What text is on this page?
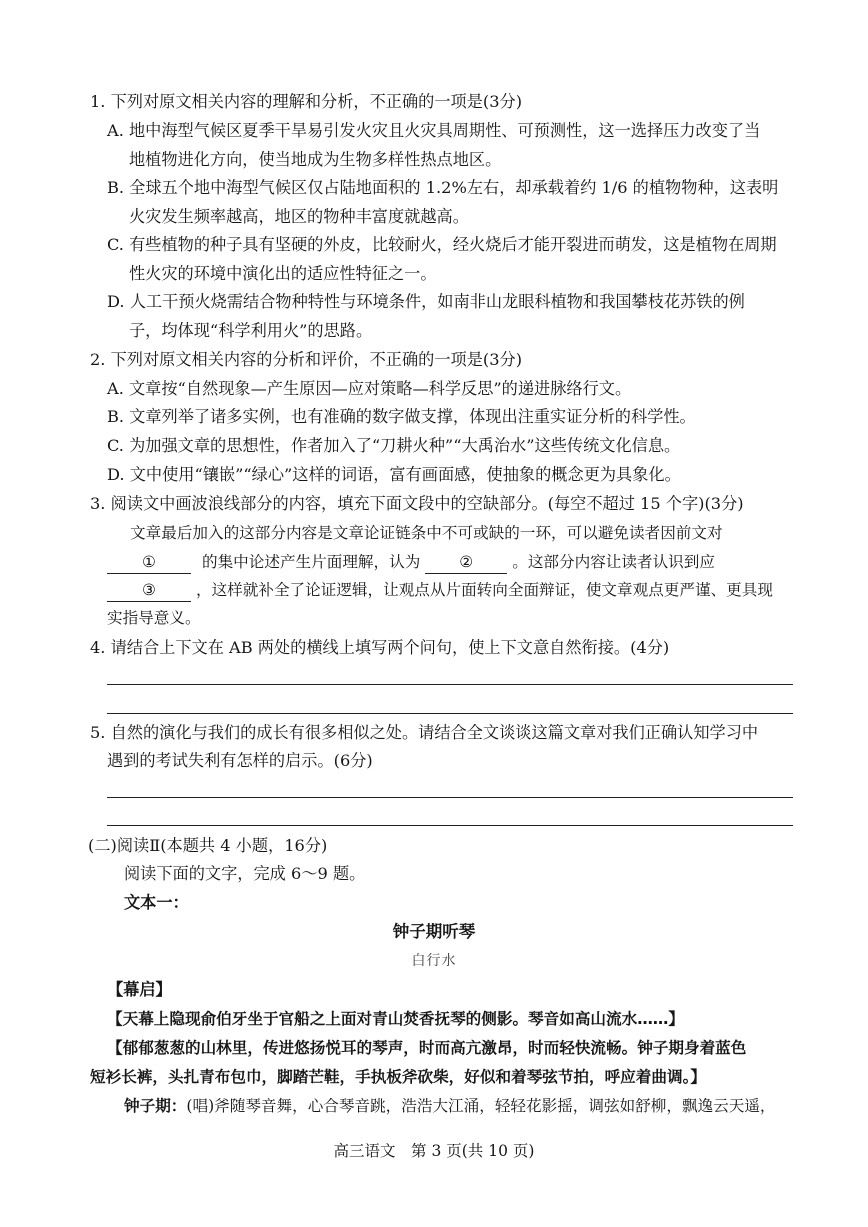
1. 下列对原文相关内容的理解和分析，不正确的一项是(3分)
A. 地中海型气候区夏季干旱易引发火灾且火灾具周期性、可预测性，这一选择压力改变了当
地植物进化方向，使当地成为生物多样性热点地区。
B. 全球五个地中海型气候区仅占陆地面积的 1.2%左右，却承载着约 1/6 的植物物种，这表明
火灾发生频率越高，地区的物种丰富度就越高。
C. 有些植物的种子具有坚硬的外皮，比较耐火，经火烧后才能开裂进而萌发，这是植物在周期
性火灾的环境中演化出的适应性特征之一。
D. 人工干预火烧需结合物种特性与环境条件，如南非山龙眼科植物和我国攀枝花苏铁的例
子，均体现“科学利用火”的思路。
2. 下列对原文相关内容的分析和评价，不正确的一项是(3分)
A. 文章按“自然现象—产生原因—应对策略—科学反思”的递进脉络行文。
B. 文章列举了诸多实例，也有准确的数字做支撑，体现出注重实证分析的科学性。
C. 为加强文章的思想性，作者加入了“刀耕火种”“大禹治水”这些传统文化信息。
D. 文中使用“镶嵌”“绿心”这样的词语，富有画面感，使抽象的概念更为具象化。
3. 阅读文中画波浪线部分的内容，填充下面文段中的空缺部分。(每空不超过 15 个字)(3分)
文章最后加入的这部分内容是文章论证链条中不可或缺的一环，可以避免读者因前文对
①	的集中论述产生片面理解，认为 ② 。这部分内容让读者认识到应
③	，这样就补全了论证逻辑，让观点从片面转向全面辩证，使文章观点更严谨、更具现
实指导意义。
4. 请结合上下文在 AB 两处的横线上填写两个问句，使上下文意自然衔接。(4分)
5. 自然的演化与我们的成长有很多相似之处。请结合全文谈谈这篇文章对我们正确认知学习中
遇到的考试失利有怎样的启示。(6分)
(二)阅读Ⅱ(本题共 4 小题，16分)
阅读下面的文字，完成 6～9 题。
文本一：
钟子期听琴
白行水
【幕启】
【天幕上隐现俞伯牙坐于官船之上面对青山焚香抚琴的侧影。琴音如高山流水……】
【郁郁葱葱的山林里，传进悠扬悦耳的琴声，时而高亢激昂，时而轻快流畅。钟子期身着蓝色
短衫长裤，头扎青布包巾，脚踏芒鞋，手执板斧砍柴，好似和着琴弦节拍，呼应着曲调。】
钟子期：(唱)斧随琴音舞，心合琴音跳，浩浩大江涌，轻轻花影摇，调弦如舒柳，飘逸云天遥，
高三语文　第 3 页(共 10 页)
